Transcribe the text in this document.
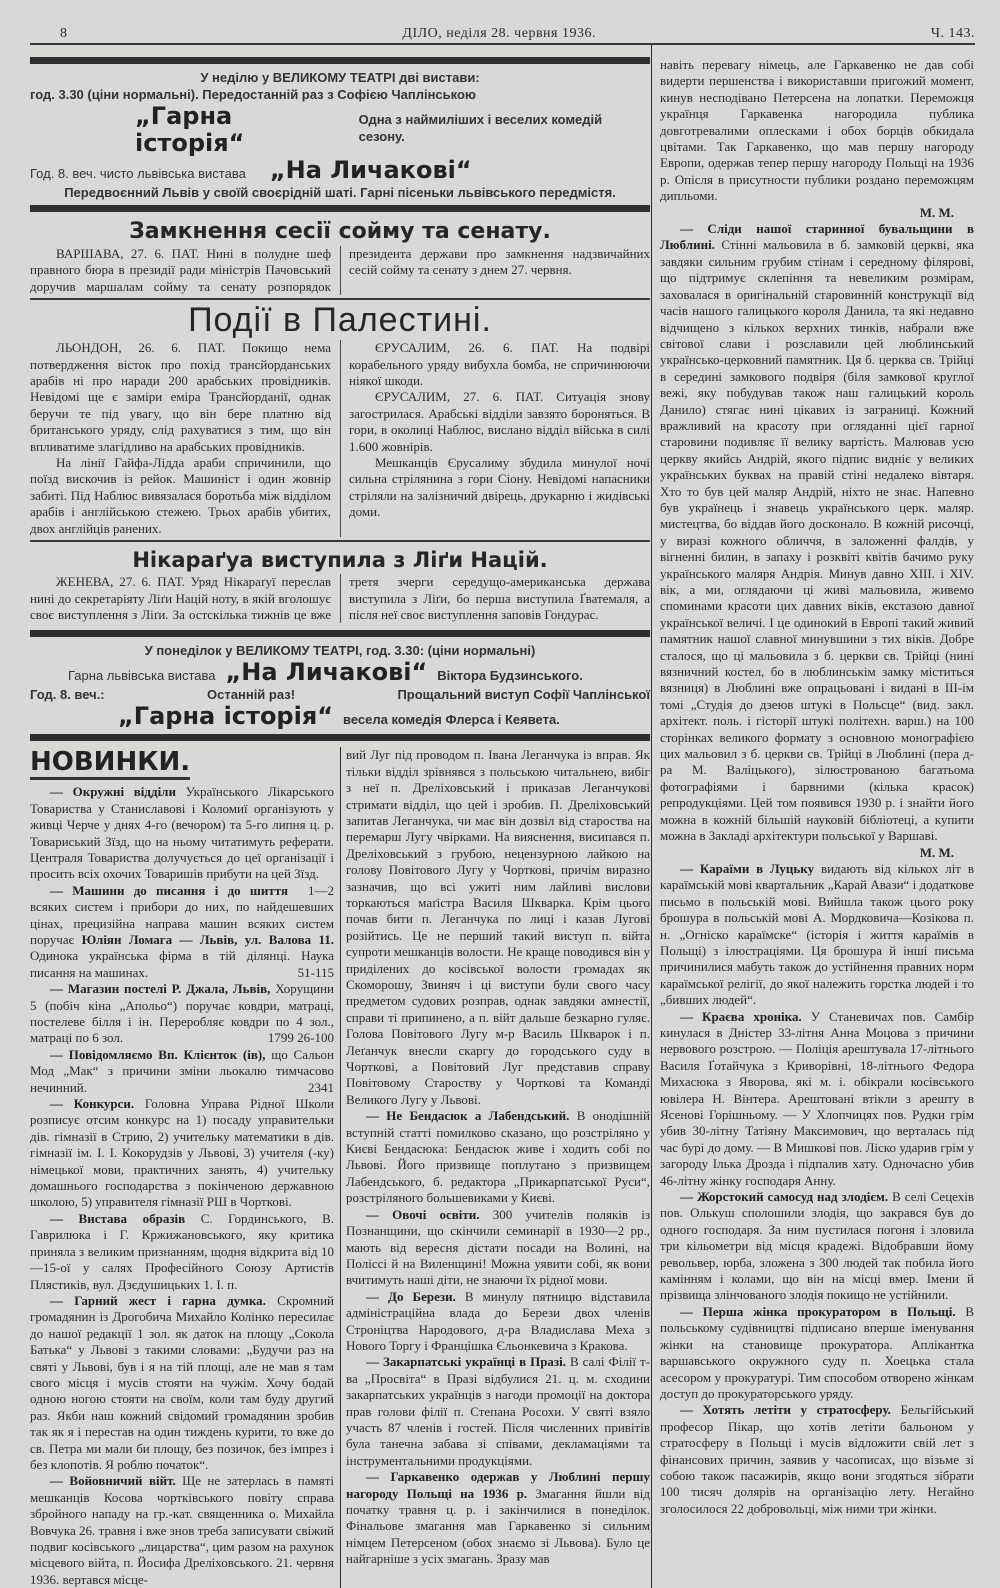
8	ДІЛО, неділя 28. червня 1936.	Ч. 143.
У неділю у ВЕЛИКОМУ ТЕАТРІ дві вистави:
год. 3.30 (ціни нормальні). Передостанній раз з Софією Чаплінською
„Гарна історія“
Одна з наймиліших і веселих комедій сезону.
Год. 8. веч. чисто львівська вистава „На Личакові“
Передвоєнний Львів у своїй своєрідній шаті. Гарні пісеньки львівського передмістя.
Замкнення сесії сойму та сенату.

ВАРШАВА, 27. 6. ПАТ. Нині в полудне шеф правного бюра в президії ради міністрів Пачовський доручив маршалам сойму та сенату розпорядок президента держави про замкнення надзвичайних сесій сойму та сенату з днем 27. червня.

Події в Палестині.

ЛЬОНДОН, 26. 6. ПАТ. Покищо нема потвердження вісток про похід трансйорданських арабів ні про наради 200 арабських провідників. Невідомі ще є заміри еміра Трансйорданії, однак беручи те під увагу, що він бере платню від британського уряду, слід рахуватися з тим, що він впливатиме злагідливо на арабських провідників.

На лінії Гайфа-Лідда араби спричинили, що поїзд вискочив із рейок. Машиніст і один жовнір забиті. Під Наблюс вивязалася боротьба між відділом арабів і англійською стежею. Трьох арабів убитих, двох англійців ранених.

ЄРУСАЛИМ, 26. 6. ПАТ. На подвірі корабельного уряду вибухла бомба, не спричинюючи ніякої шкоди.

ЄРУСАЛИМ, 27. 6. ПАТ. Ситуація знову загострилася. Арабські відділи завзято бороняться. В гори, в околиці Наблюс, вислано відділ війська в силі 1.600 жовнірів.

Мешканців Єрусалиму збудила минулої ночі сильна стрілянина з гори Сіону. Невідомі напасники стріляли на залізничий двірець, друкарню і жидівські доми.

Нікараґуа виступила з Ліґи Націй.

ЖЕНЕВА, 27. 6. ПАТ. Уряд Нікараґуї переслав нині до секретаріяту Ліґи Націй ноту, в якій вголошує своє виступлення з Ліґи. За остcкілька тижнів це вже третя зчерги середущо-американська держава виступила з Ліґи, бо перша виступила Ґватемаля, а після неї своє виступлення заповів Гондурас.

У понеділок у ВЕЛИКОМУ ТЕАТРІ, год. 3.30: (ціни нормальні)
Гарна львівська вистава „На Личакові“ Віктора Будзинського.
Год. 8. веч.:	Останній раз!	Прощальний виступ Софії Чаплінської
„Гарна історія“ весела комедія Флерса і Кеявета.
НОВИНКИ.

— Окружні відділи Українського Лікарського Товариства у Станиславові і Коломиї організують у живці Черче у днях 4-го (вечором) та 5-го липня ц. р. Товариський Зїзд, що на ньому читатимуть реферати. Централя Товариства долучується до цеї організації і просить всіх охочих Товаришів прибути на цей Зїзд.
1—2

— Машини до писання і до шиття всяких систем і прибори до них, по найдешевших цінах, прецизійна направа машин всяких систем поручає Юліян Ломага — Львів, ул. Валова 11. Одинока українська фірма в тій ділянці. Наука писання на машинах.	51-115

— Магазин постелі Р. Джала, Львів, Хорущини 5 (побіч кіна „Апольо“) поручає ковдри, матраці, постелеве білля і ін. Переробляє ковдри по 4 зол., матраці по 6 зол.	1799 26-100

— Повідомляємо Вп. Клієнток (ів), що Сальон Мод „Мак“ з причини зміни льокалю тимчасово нечинний.	2341

— Конкурси. Головна Управа Рідної Школи розписує отсим конкурс на 1) посаду управительки дів. гімназії в Стрию, 2) учительку математики в дів. гімназії ім. І. І. Кокорудзів у Львові, 3) учителя (-ку) німецької мови, практичних занять, 4) учительку домашнього господарства з покінченою державною школою, 5) управителя гімназії РШ в Чорткові.

— Вистава образів С. Гординського, В. Гаврилюка і Г. Кржижановського, яку критика приняла з великим признанням, щодня відкрита від 10—15-ої у салях Професійного Союзу Артистів Плястиків, вул. Дзєдушицьких 1. І. п.

— Гарний жест і гарна думка. Скромний громадянин із Дрогобича Михайло Колінко пересилає до нашої редакції 1 зол. як даток на площу „Сокола Батька“ у Львові з такими словами: „Будучи раз на святі у Львові, був і я на тій площі, але не мав я там свого місця і мусів стояти на чужім. Хочу бодай одною ногою стояти на своїм, коли там буду другий раз. Якби наш кожний свідомий громадянин зробив так як я і перестав на один тиждень курити, то вже до св. Петра ми мали би площу, без позичок, без імпрез і без клопотів. Я роблю початок“.

— Войовничий війт. Ще не затерлась в памяті мешканців Косова чортківського повіту справа збройного нападу на гр.-кат. священника о. Михайла Вовчука 26. травня і вже знов треба записувати свіжий подвиг косівського „лицарства“, цим разом на рахунок місцевого війта, п. Йосифа Дреліховського. 21. червня 1936. вертався місце-

вий Луг під проводом п. Івана Леганчука із вправ. Як тільки відділ зрівнявся з польською читальнею, вибіг з неї п. Дреліховський і приказав Леганчукові стримати відділ, що цей і зробив. П. Дреліховський запитав Леганчука, чи має він дозвіл від староства на перемарш Лугу чвірками. На вияснення, висипався п. Дреліховський з грубою, нецензурною лайкою на голову Повітового Лугу у Чорткові, причім виразно зазначив, що всі ужиті ним лайливі вислови торкаються маґістра Василя Шкварка. Крім цього почав бити п. Леганчука по лиці і казав Лугові розійтись. Це не перший такий виступ п. війта супроти мешканців волости. Не краще поводився він у приділених до косівської волости громадах як Скоморошу, Звиняч і ці виступи були свого часу предметом судових розправ, однак завдяки амнестії, справи ті припинено, а п. війт дальше безкарно гуляє. Голова Повітового Лугу м-р Василь Шкварок і п. Леґанчук внесли скаргу до городського суду в Чорткові, а Повітовий Луг представив справу Повітовому Староству у Чорткові та Команді Великого Лугу у Львові.

— Не Бендасюк а Лабендський. В онодішній вступній статті помилково сказано, що розстріляно у Києві Бендасюка: Бендасюк живе і ходить собі по Львові. Його призвище поплутано з призвищем Лабендського, б. редактора „Прикарпатської Руси“, розстріляного большевиками у Києві.

— Овочі освіти. 300 учителів поляків із Познанщини, що скінчили семинарії в 1930—2 рр., мають від вересня дістати посади на Волині, на Поліссі й на Виленщині! Можна уявити собі, як вони вчитимуть наші діти, не знаючи їх рідної мови.

— До Берези. В минулу пятницю відставила адміністраційна влада до Берези двох членів Строніцтва Народового, д-ра Владислава Меха з Нового Торгу і Францішка Єльонкевича з Кракова.

— Закарпатські українці в Празі. В салі Філії т-ва „Просвіта“ в Празі відбулися 21. ц. м. сходини закарпатських українців з нагоди промоції на доктора прав голови філії п. Степана Росохи. У святі взяло участь 87 членів і гостей. Після численних привітів була танечна забава зі співами, декламаціями та інструментальними продукціями.

— Гаркавенко одержав у Люблині першу нагороду Польщі на 1936 р. Змагання йшли від початку травня ц. р. і закінчилися в понеділок. Фінальове змагання мав Гаркавенко зі сильним німцем Петерсеном (обох знаємо зі Львова). Було це найгарніше з усіх змагань. Зразу мав

навіть перевагу німець, але Гаркавенко не дав собі видерти першенства і використавши пригожий момент, кинув несподівано Петерсена на лопатки. Переможця українця Гаркавенка нагородила публика довготревалими оплесками і обох борців обкидала цвітами. Так Гаркавенко, що мав першу нагороду Европи, одержав тепер першу нагороду Польщі на 1936 р. Опісля в присутности публики роздано переможцям дипльоми.
М. М.

— Сліди нашої старинної бувальщини в Люблині. Стінні мальовила в б. замковій церкві, яка завдяки сильним грубим стінам і середному філярові, що підтримує склепіння та невеликим розмірам, заховалася в оригінальній старовинній конструкції від часів нашого галицького короля Данила, та які недавно відчищено з кількох верхних тинків, набрали вже світової слави і розславили цей люблинський українсько-церковний памятник. Ця б. церква св. Трійці в середині замкового подвіря (біля замкової круглої вежі, яку побудував також наш галицький король Данило) стягає нині цікавих із заграниці. Кожний вражливий на красоту при огляданні цієї гарної старовини подивляє її велику вартість. Малював усю церкву якийсь Андрій, якого підпис видніє у великих українських буквах на правій стіні недалеко вівтаря. Хто то був цей маляр Андрій, ніхто не знає. Напевно був українець і знавець українського церк. маляр. мистецтва, бо віддав його досконало. В кожній рисочці, у виразі кожного обличчя, в заложенні фалдів, у вігненні билин, в запаху і розквіті квітів бачимо руку українського маляря Андрія. Минув давно XIII. і XIV. вік, а ми, оглядаючи ці живі мальовила, живемо споминами красоти цих давних віків, екстазою давної української величі. І це одинокий в Европі такий живий памятник нашої славної минувшини з тих віків. Добре сталося, що ці мальовила з б. церкви св. Трійці (нині вязничний костел, бо в люблинськім замку міститься вязниця) в Люблині вже опрацьовані і видані в III-ім томі „Студія до дзеюв штукі в Польсце“ (вид. закл. архітект. поль. і гісторії штукі політехн. варш.) на 100 сторінках великого формату з основною монографією цих мальовил з б. церкви св. Трійці в Люблині (пера д-ра М. Валіцького), зілюстрованою багатьома фотографіями і барвними (кілька красок) репродукціями. Цей том появився 1930 р. і знайти його можна в кожній більшій науковій бібліотеці, а купити можна в Закладі архітектури польської у Варшаві.
М. М.

— Караїми в Луцьку видають від кількох літ в караїмській мові квартальник „Карай Авази“ і додаткове письмо в польській мові. Вийшла також цього року брошура в польській мові А. Мордковича—Козікова п. н. „Огніско караїмске“ (історія і життя караїмів в Польщі) з ілюстраціями. Ця брошура й інші письма причинилися мабуть також до устійнення правних норм караїмської релігії, до якої належить горстка людей і то „бивших людей“.

— Краєва хроніка. У Станевичах пов. Самбір кинулася в Дністер 33-літня Анна Моцова з причини нервового розстрою. — Поліція арештувала 17-літнього Василя Ґотайчука з Криворівні, 18-літнього Федора Михасюка з Яворова, які м. і. обікрали косівського ювілера Н. Вінтера. Арештовані втікли з арешту в Ясенові Горішньому. — У Хлопчицях пов. Рудки грім убив 30-літну Татіяну Максимович, що верталась під час бурі до дому. — В Мишкові пов. Ліско ударив грім у загороду Ілька Дрозда і підпалив хату. Одночасно убив 46-літну жінку господаря Анну.

— Жорстокий самосуд над злодієм. В селі Сецехів пов. Олькуш сполошили злодія, що закрався був до одного господаря. За ним пустилася погоня і зловила три кільометри від місця крадежі. Відобравши йому револьвер, юрба, зложена з 300 людей так побила його камінням і колами, що він на місці вмер. Імени й прізвища злінчованого злодія покищо не устійнили.

— Перша жінка прокуратором в Польщі. В польському судівництві підписано вперше іменування жінки на становище прокуратора. Аплікантка варшавського окружного суду п. Хоецька стала асесором у прокуратурі. Тим способом отворено жінкам доступ до прокураторського уряду.

— Хотять летіти у стратосферу. Бельгійський професор Пікар, що хотів летіти бальоном у стратосферу в Польщі і мусів відложити свій лет з фінансових причин, заявив у часописах, що візьме зі собою також пасажирів, якщо вони згодяться зібрати 100 тисяч долярів на організацію лету. Негайно зголосилося 22 добровольці, між ними три жінки.
